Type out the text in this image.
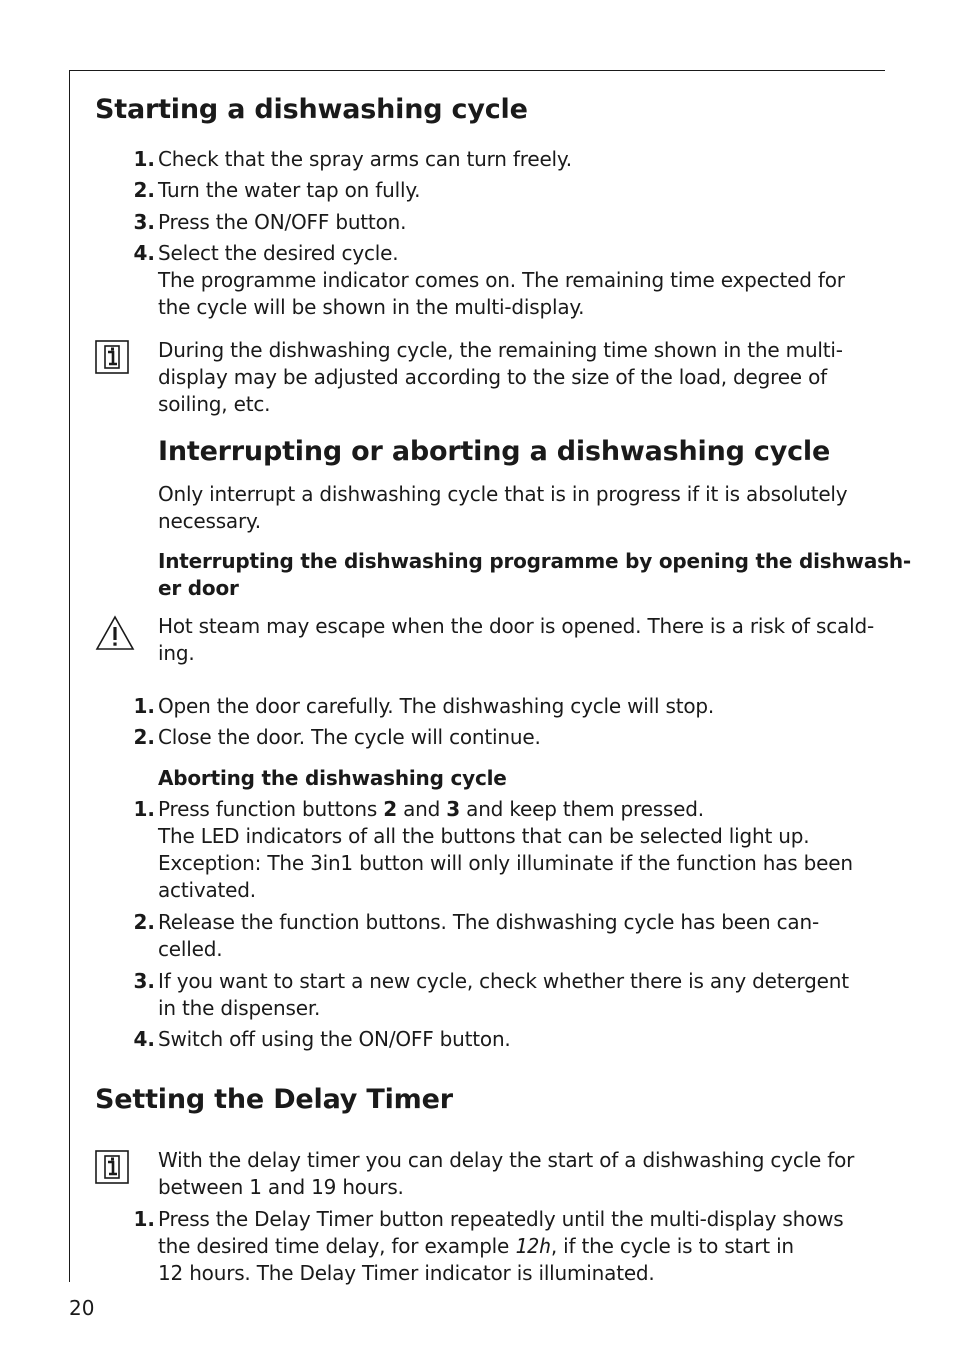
Starting a dishwashing cycle
1. Check that the spray arms can turn freely.
2. Turn the water tap on fully.
3. Press the ON/OFF button.
4. Select the desired cycle.
The programme indicator comes on. The remaining time expected for
the cycle will be shown in the multi-display.
During the dishwashing cycle, the remaining time shown in the multi-
display may be adjusted according to the size of the load, degree of
soiling, etc.
Interrupting or aborting a dishwashing cycle
Only interrupt a dishwashing cycle that is in progress if it is absolutely
necessary.
Interrupting the dishwashing programme by opening the dishwash-
er door
Hot steam may escape when the door is opened. There is a risk of scald-
ing.
1. Open the door carefully. The dishwashing cycle will stop.
2. Close the door. The cycle will continue.
Aborting the dishwashing cycle
1. Press function buttons 2 and 3 and keep them pressed.
The LED indicators of all the buttons that can be selected light up.
Exception: The 3in1 button will only illuminate if the function has been
activated.
2. Release the function buttons. The dishwashing cycle has been can-
celled.
3. If you want to start a new cycle, check whether there is any detergent
in the dispenser.
4. Switch off using the ON/OFF button.
Setting the Delay Timer
With the delay timer you can delay the start of a dishwashing cycle for
between 1 and 19 hours.
1. Press the Delay Timer button repeatedly until the multi-display shows
the desired time delay, for example 12h, if the cycle is to start in
12 hours. The Delay Timer indicator is illuminated.
20
